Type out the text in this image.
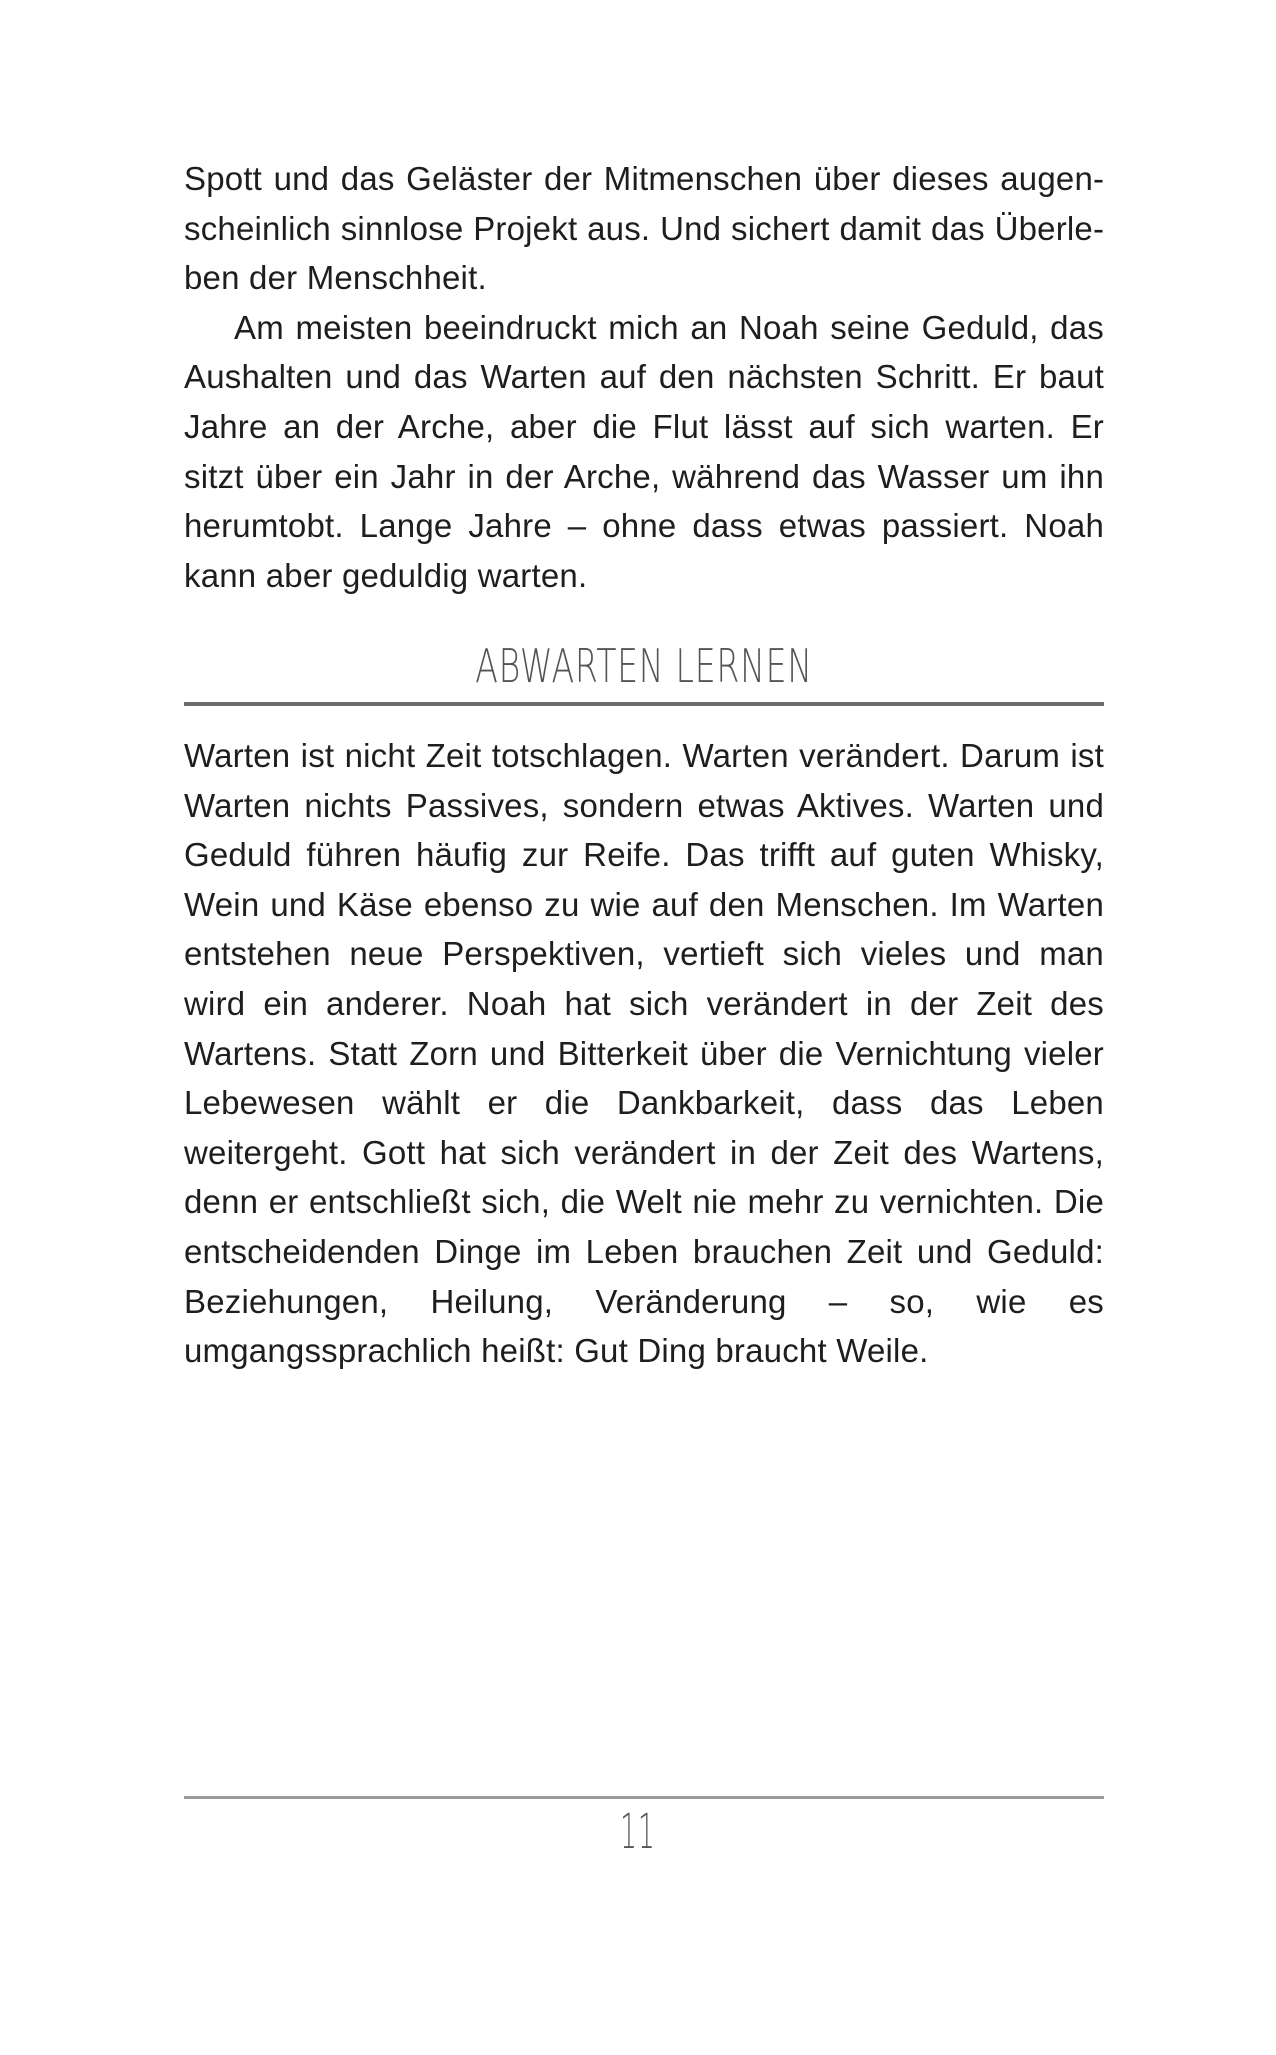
Spott und das Geläster der Mitmenschen über dieses augenscheinlich sinnlose Projekt aus. Und sichert damit das Überleben der Menschheit.

Am meisten beeindruckt mich an Noah seine Geduld, das Aushalten und das Warten auf den nächsten Schritt. Er baut Jahre an der Arche, aber die Flut lässt auf sich warten. Er sitzt über ein Jahr in der Arche, während das Wasser um ihn herumtobt. Lange Jahre – ohne dass etwas passiert. Noah kann aber geduldig warten.

ABWARTEN LERNEN

Warten ist nicht Zeit totschlagen. Warten verändert. Darum ist Warten nichts Passives, sondern etwas Aktives. Warten und Geduld führen häufig zur Reife. Das trifft auf guten Whisky, Wein und Käse ebenso zu wie auf den Menschen. Im Warten entstehen neue Perspektiven, vertieft sich vieles und man wird ein anderer. Noah hat sich verändert in der Zeit des Wartens. Statt Zorn und Bitterkeit über die Vernichtung vieler Lebewesen wählt er die Dankbarkeit, dass das Leben weitergeht. Gott hat sich verändert in der Zeit des Wartens, denn er entschließt sich, die Welt nie mehr zu vernichten. Die entscheidenden Dinge im Leben brauchen Zeit und Geduld: Beziehungen, Heilung, Veränderung – so, wie es umgangssprachlich heißt: Gut Ding braucht Weile.

11
